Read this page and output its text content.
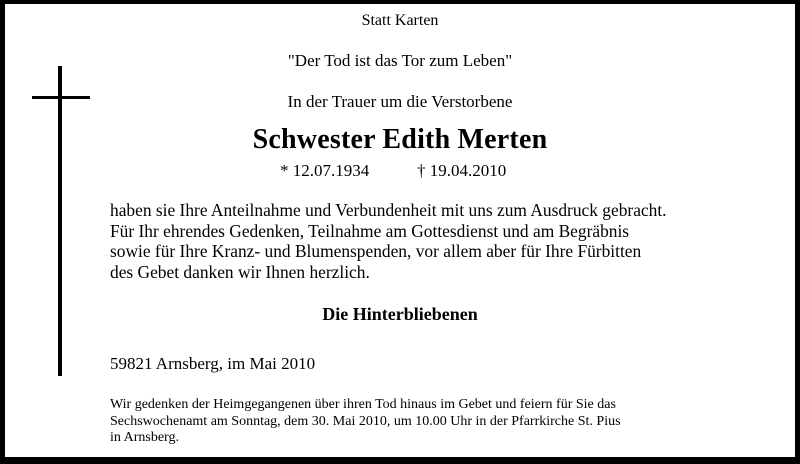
Statt Karten
"Der Tod ist das Tor zum Leben"
In der Trauer um die Verstorbene
Schwester Edith Merten
* 12.07.1934	† 19.04.2010
haben sie Ihre Anteilnahme und Verbundenheit mit uns zum Ausdruck gebracht.
Für Ihr ehrendes Gedenken, Teilnahme am Gottesdienst und am Begräbnis
sowie für Ihre Kranz- und Blumenspenden, vor allem aber für Ihre Fürbitten
des Gebet danken wir Ihnen herzlich.
Die Hinterbliebenen
59821 Arnsberg, im Mai 2010
Wir gedenken der Heimgegangenen über ihren Tod hinaus im Gebet und feiern für Sie das
Sechswochenamt am Sonntag, dem 30. Mai 2010, um 10.00 Uhr in der Pfarrkirche St. Pius
in Arnsberg.
